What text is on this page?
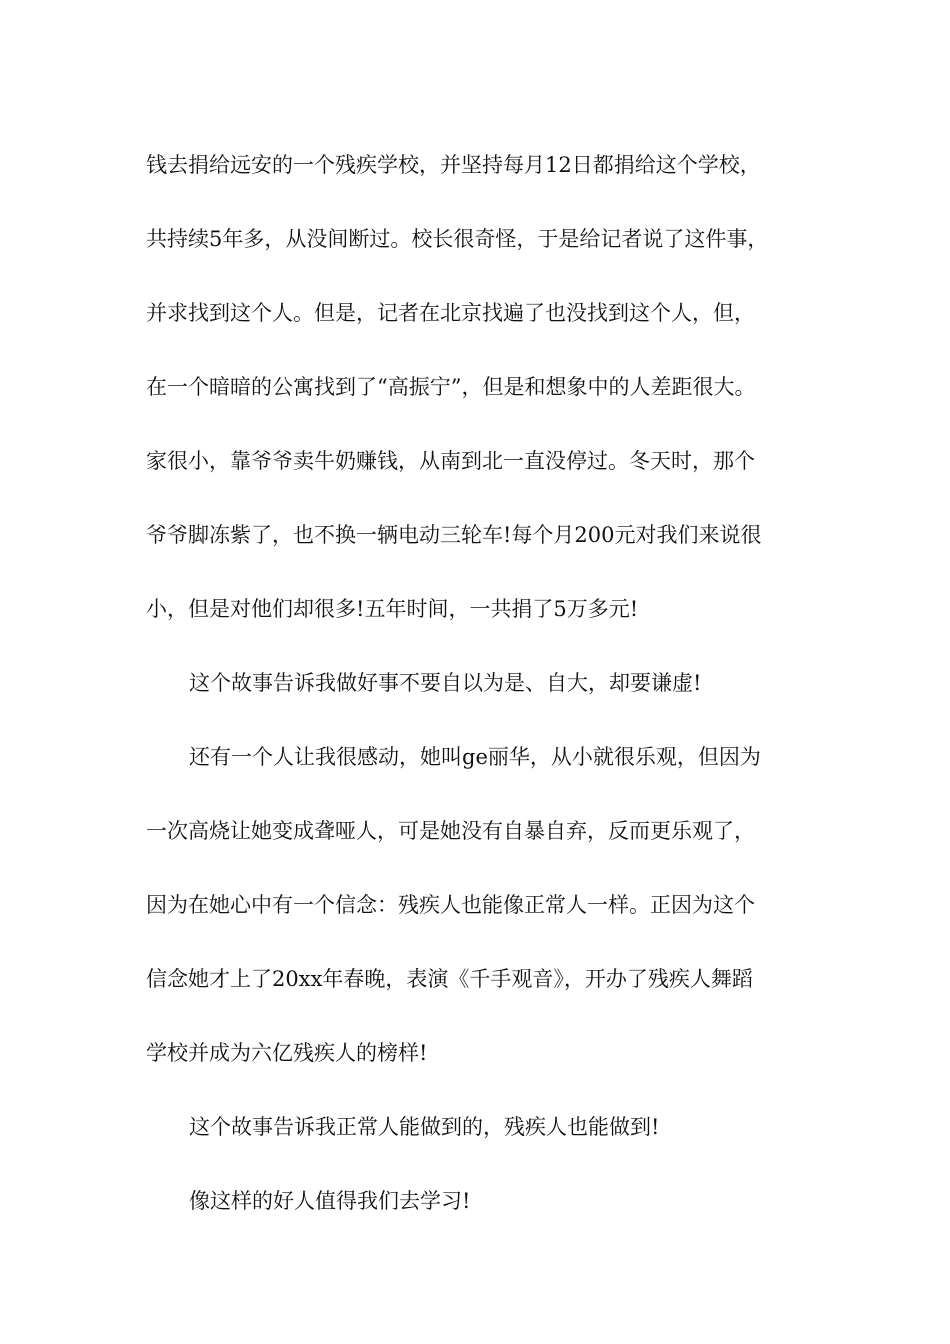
钱去捐给远安的一个残疾学校，并坚持每月12日都捐给这个学校，
共持续5年多，从没间断过。校长很奇怪，于是给记者说了这件事，
并求找到这个人。但是，记者在北京找遍了也没找到这个人，但，
在一个暗暗的公寓找到了“高振宁”，但是和想象中的人差距很大。
家很小，靠爷爷卖牛奶赚钱，从南到北一直没停过。冬天时，那个
爷爷脚冻紫了，也不换一辆电动三轮车!每个月200元对我们来说很
小，但是对他们却很多!五年时间，一共捐了5万多元!
这个故事告诉我做好事不要自以为是、自大，却要谦虚!
还有一个人让我很感动，她叫ge丽华，从小就很乐观，但因为
一次高烧让她变成聋哑人，可是她没有自暴自弃，反而更乐观了，
因为在她心中有一个信念：残疾人也能像正常人一样。正因为这个
信念她才上了20xx年春晚，表演《千手观音》，开办了残疾人舞蹈
学校并成为六亿残疾人的榜样!
这个故事告诉我正常人能做到的，残疾人也能做到!
像这样的好人值得我们去学习!
